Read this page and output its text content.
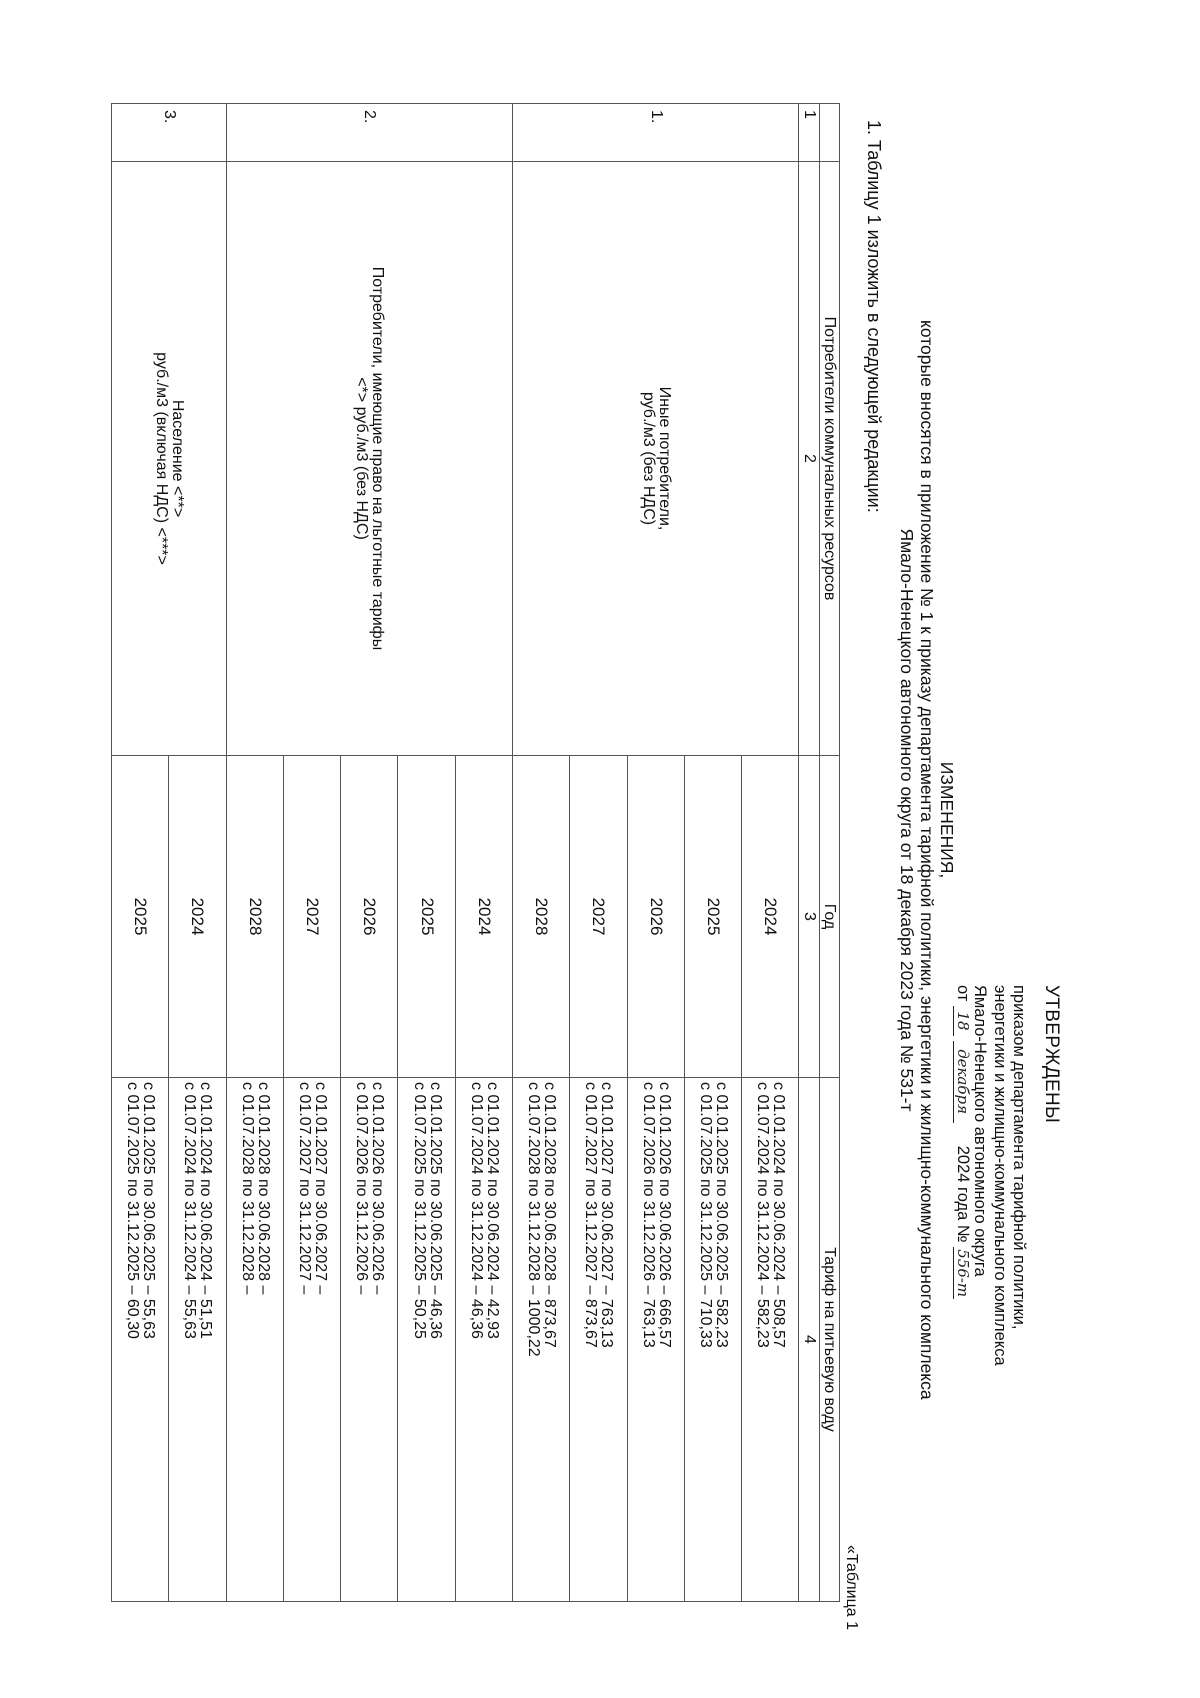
УТВЕРЖДЕНЫ
приказом департамента тарифной политики,
энергетики и жилищно-коммунального комплекса
Ямало-Ненецкого автономного округа
от 18 декабря  2024 года № 556-т
ИЗМЕНЕНИЯ,
которые вносятся в приложение № 1 к приказу департамента тарифной политики, энергетики и жилищно-коммунального комплекса
Ямало-Ненецкого автономного округа от 18 декабря 2023 года № 531-т
1. Таблицу 1 изложить в следующей редакции:
«Таблица 1
	Потребители коммунальных ресурсов	Год	Тариф на питьевую воду
1	2	3	4
1.	Иные потребители,
руб./м3 (без НДС)	2024	с 01.01.2024 по 30.06.2024 – 508,57
с 01.07.2024 по 31.12.2024 – 582,23

		2025	с 01.01.2025 по 30.06.2025 – 582,23
с 01.07.2025 по 31.12.2025 – 710,33

		2026	с 01.01.2026 по 30.06.2026 – 666,57
с 01.07.2026 по 31.12.2026 – 763,13

		2027	с 01.01.2027 по 30.06.2027 – 763,13
с 01.07.2027 по 31.12.2027 – 873,67

		2028	с 01.01.2028 по 30.06.2028 – 873,67
с 01.07.2028 по 31.12.2028 – 1000,22

2.	Потребители, имеющие право на льготные тарифы
<*> руб./м3 (без НДС)	2024	с 01.01.2024 по 30.06.2024 – 42,93
с 01.07.2024 по 31.12.2024 – 46,36

		2025	с 01.01.2025 по 30.06.2025 – 46,36
с 01.07.2025 по 31.12.2025 – 50,25

		2026	с 01.01.2026 по 30.06.2026 –
с 01.07.2026 по 31.12.2026 –

		2027	с 01.01.2027 по 30.06.2027 –
с 01.07.2027 по 31.12.2027 –

		2028	с 01.01.2028 по 30.06.2028 –
с 01.07.2028 по 31.12.2028 –

3.	Население <**>
руб./м3 (включая НДС) <***>	2024	с 01.01.2024 по 30.06.2024 – 51,51
с 01.07.2024 по 31.12.2024 – 55,63

		2025	с 01.01.2025 по 30.06.2025 – 55,63
с 01.07.2025 по 31.12.2025 – 60,30
